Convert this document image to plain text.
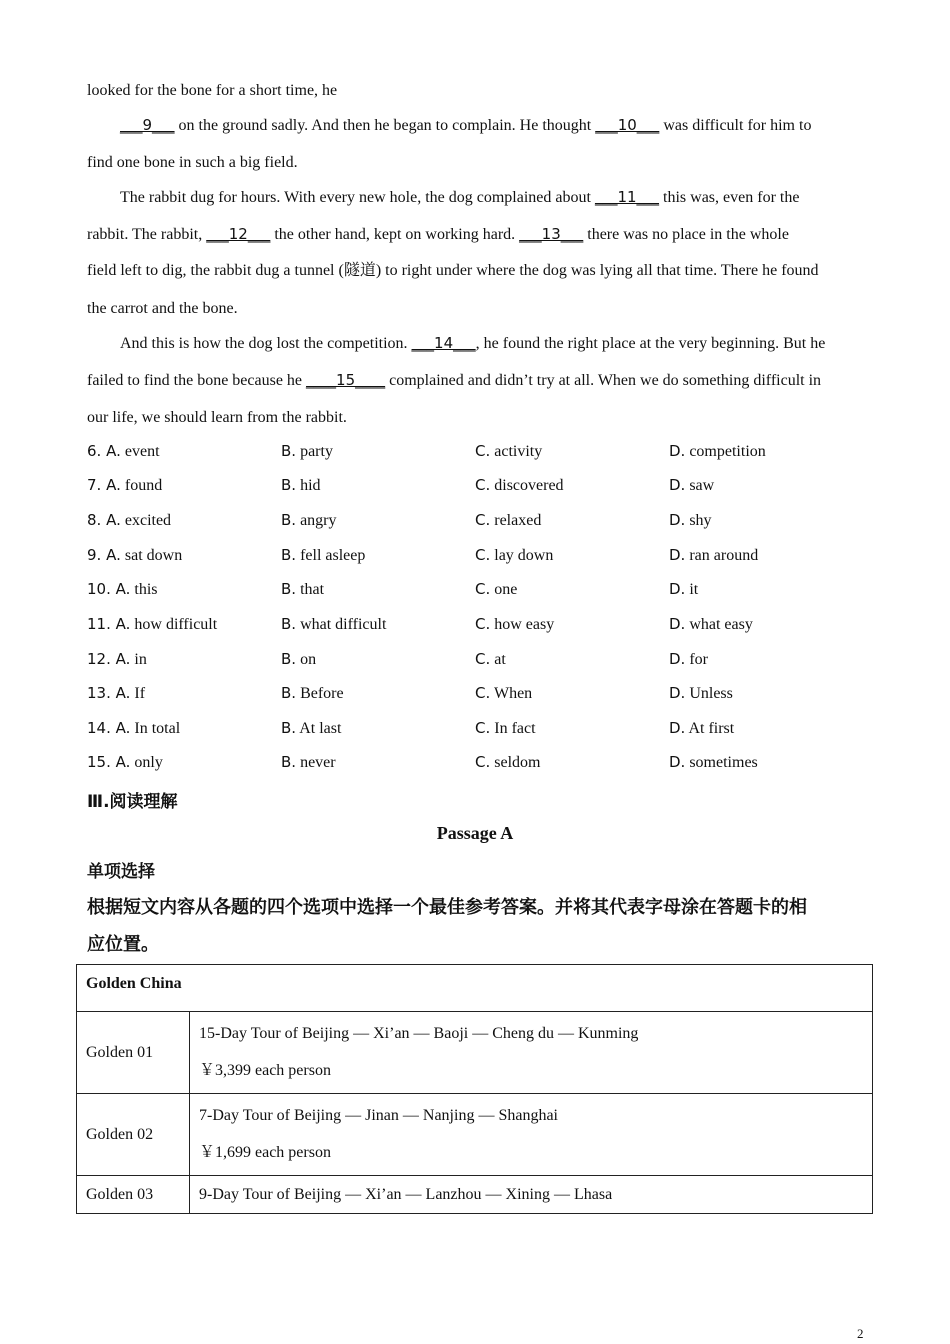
looked for the bone for a short time, he
___9___ on the ground sadly. And then he began to complain. He thought ___10___ was difficult for him to
find one bone in such a big field.
The rabbit dug for hours. With every new hole, the dog complained about ___11___ this was, even for the
rabbit. The rabbit, ___12___ the other hand, kept on working hard. ___13___ there was no place in the whole
field left to dig, the rabbit dug a tunnel (隧道) to right under where the dog was lying all that time. There he found
the carrot and the bone.
And this is how the dog lost the competition. ___14___, he found the right place at the very beginning. But he
failed to find the bone because he ____15____ complained and didn’t try at all. When we do something difficult in
our life, we should learn from the rabbit.
6. A. event	B. party	C. activity	D. competition
7. A. found	B. hid	C. discovered	D. saw
8. A. excited	B. angry	C. relaxed	D. shy
9. A. sat down	B. fell asleep	C. lay down	D. ran around
10. A. this	B. that	C. one	D. it
11. A. how difficult	B. what difficult	C. how easy	D. what easy
12. A. in	B. on	C. at	D. for
13. A. If	B. Before	C. When	D. Unless
14. A. In total	B. At last	C. In fact	D. At first
15. A. only	B. never	C. seldom	D. sometimes
Ⅲ.阅读理解
Passage A
单项选择
根据短文内容从各题的四个选项中选择一个最佳参考答案。并将其代表字母涂在答题卡的相
应位置。
Golden China	
Golden 01	15-Day Tour of Beijing — Xi’an — Baoji — Cheng du — Kunming
￥3,399 each person

Golden 02	7-Day Tour of Beijing — Jinan — Nanjing — Shanghai
￥1,699 each person

Golden 03	9-Day Tour of Beijing — Xi’an — Lanzhou — Xining — Lhasa
2
